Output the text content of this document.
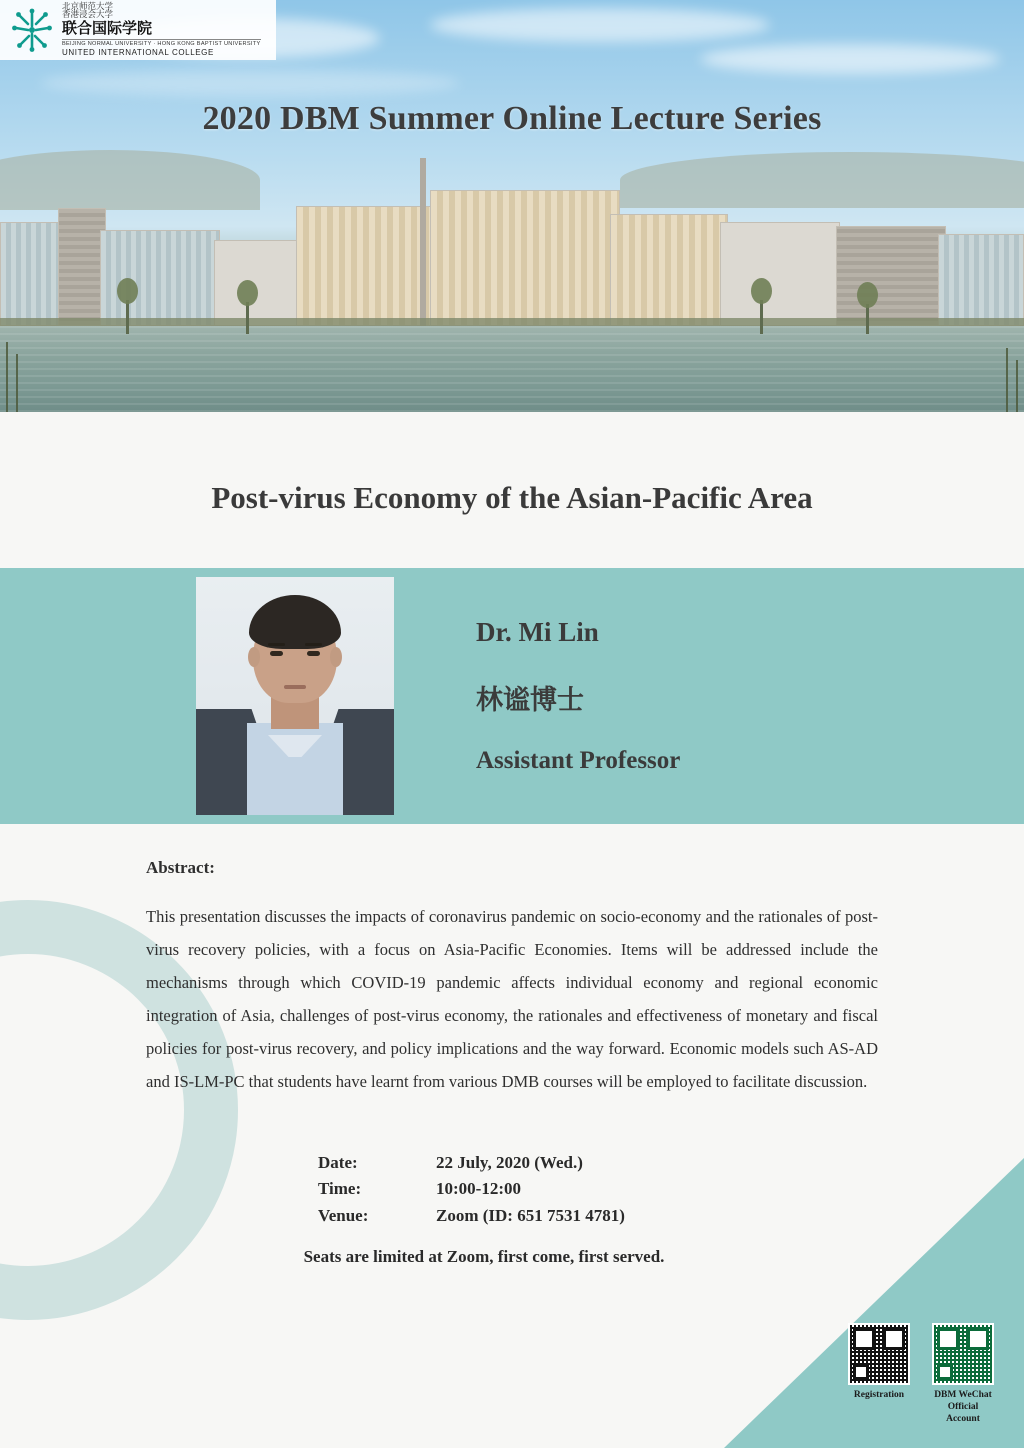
北京师范大学
香港浸会大学
联合国际学院
BEIJING NORMAL UNIVERSITY · HONG KONG BAPTIST UNIVERSITY
UNITED INTERNATIONAL COLLEGE
2020 DBM Summer Online Lecture Series
Post-virus Economy of the Asian-Pacific Area
Dr. Mi Lin
林谧博士
Assistant Professor
Abstract:
This presentation discusses the impacts of coronavirus pandemic on socio-economy and the rationales of post-virus recovery policies, with a focus on Asia-Pacific Economies. Items will be addressed include the mechanisms through which COVID-19 pandemic affects individual economy and regional economic integration of Asia, challenges of post-virus economy, the rationales and effectiveness of monetary and fiscal policies for post-virus recovery, and policy implications and the way forward. Economic models such AS-AD and IS-LM-PC that students have learnt from various DMB courses will be employed to facilitate discussion.
Date:	22 July, 2020 (Wed.)
Time:	10:00-12:00
Venue:	Zoom (ID: 651 7531 4781)
Seats are limited at Zoom, first come, first served.
Registration	DBM WeChat
Official Account
